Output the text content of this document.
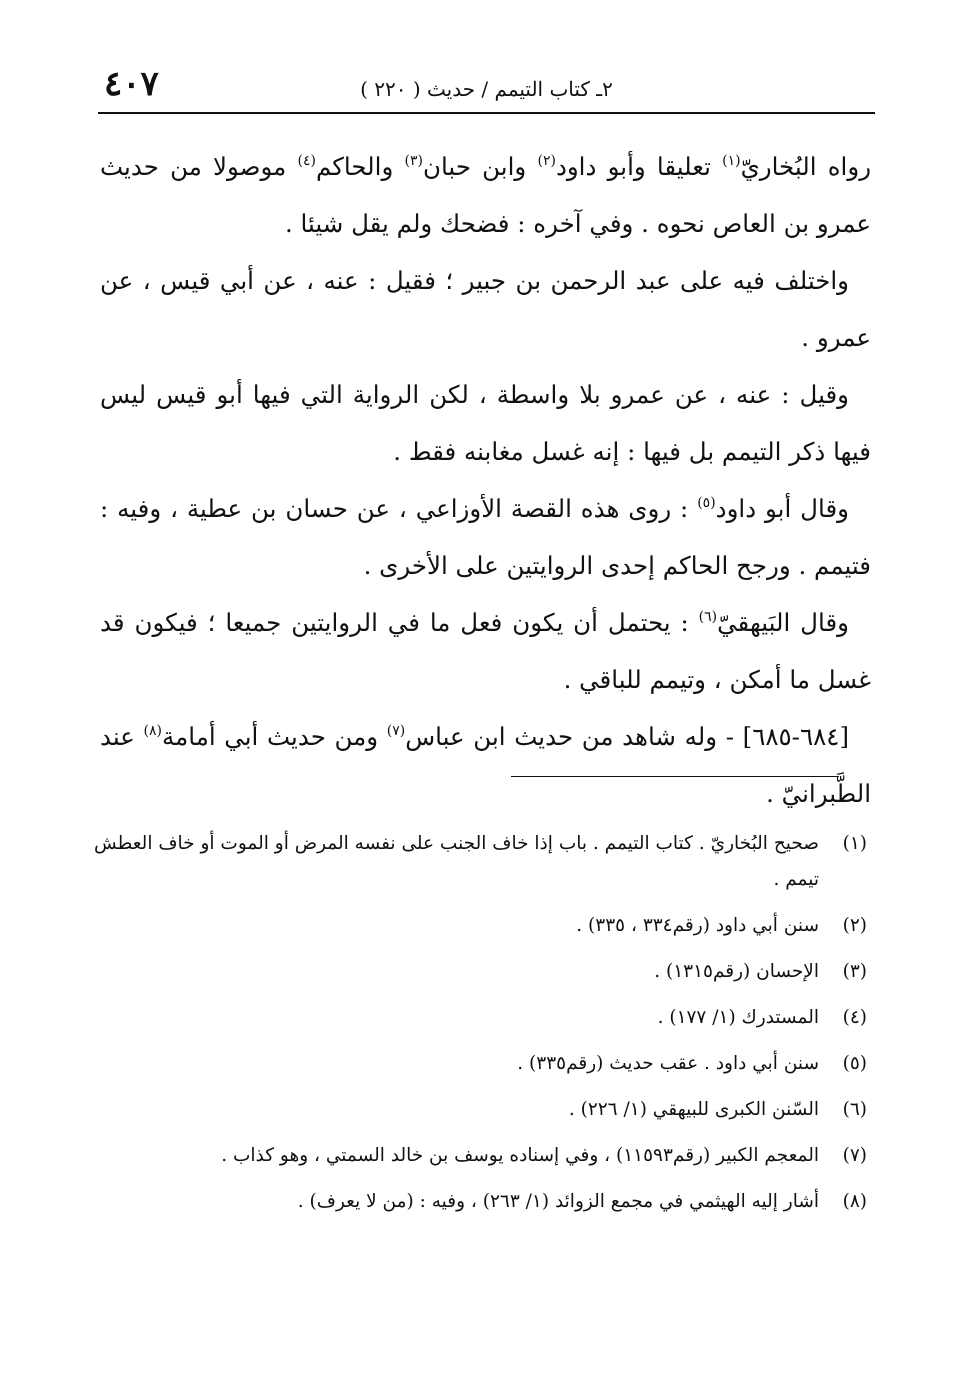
٤٠٧	٢ـ كتاب التيمم / حديث ( ٢٢٠ )

رواه البُخاريّ$^{(١)}$ تعليقا وأبو داود$^{(٢)}$ وابن حبان$^{(٣)}$ والحاكم$^{(٤)}$ موصولا من حديث عمرو بن العاص نحوه . وفي آخره : فضحك ولم يقل شيئا .

واختلف فيه على عبد الرحمن بن جبير ؛ فقيل : عنه ، عن أبي قيس ، عن عمرو .

وقيل : عنه ، عن عمرو بلا واسطة ، لكن الرواية التي فيها أبو قيس ليس فيها ذكر التيمم بل فيها : إنه غسل مغابنه فقط .

وقال أبو داود$^{(٥)}$ : روى هذه القصة الأوزاعي ، عن حسان بن عطية ، وفيه : فتيمم . ورجح الحاكم إحدى الروايتين على الأخرى .

وقال البَيهقيّ$^{(٦)}$ : يحتمل أن يكون فعل ما في الروايتين جميعا ؛ فيكون قد غسل ما أمكن ، وتيمم للباقي .

[٦٨٤-٦٨٥] - وله شاهد من حديث ابن عباس$^{(٧)}$ ومن حديث أبي أمامة$^{(٨)}$ عند الطَّبرانيّ .

(١)
صحيح البُخاريّ . كتاب التيمم . باب إذا خاف الجنب على نفسه المرض أو الموت أو خاف العطش تيمم .
(٢)
سنن أبي داود (رقم٣٣٤ ، ٣٣٥) .
(٣)
الإحسان (رقم١٣١٥) .
(٤)
المستدرك (١/ ١٧٧) .
(٥)
سنن أبي داود . عقب حديث (رقم٣٣٥) .
(٦)
السّنن الكبرى للبيهقي (١/ ٢٢٦) .
(٧)
المعجم الكبير (رقم١١٥٩٣) ، وفي إسناده يوسف بن خالد السمتي ، وهو كذاب .
(٨)
أشار إليه الهيثمي في مجمع الزوائد (١/ ٢٦٣) ، وفيه : (من لا يعرف) .
